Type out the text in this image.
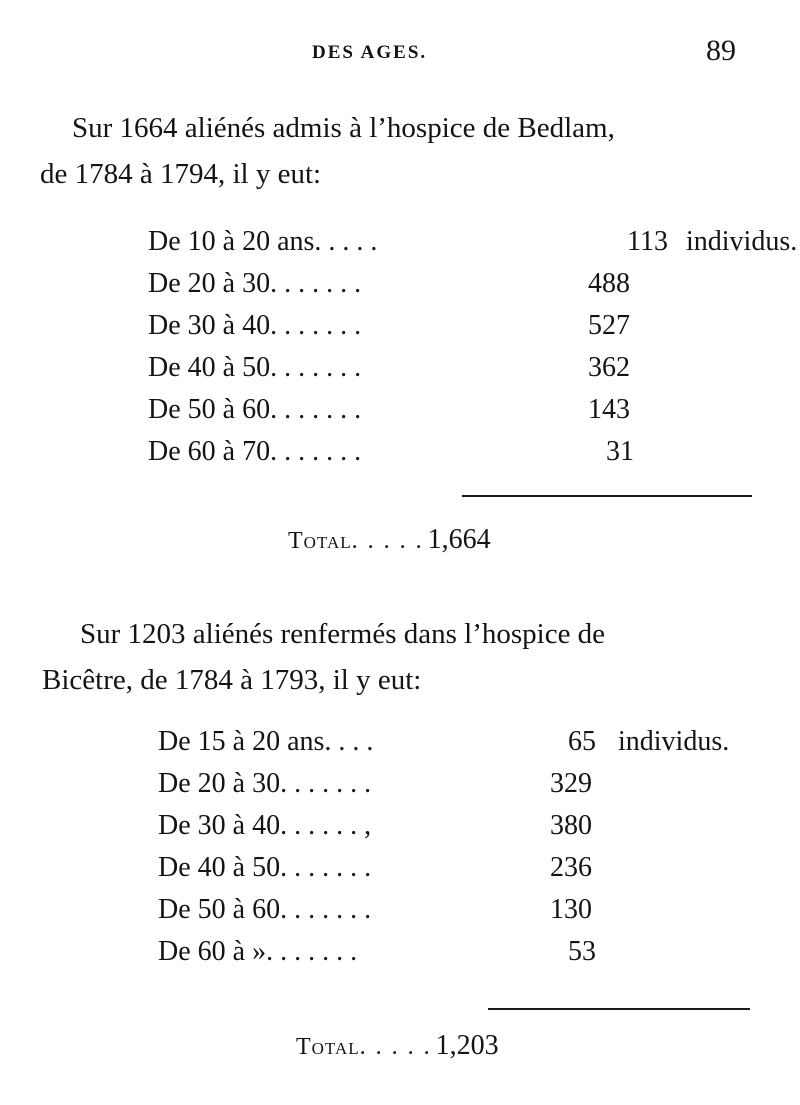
DES AGES.	89
Sur 1664 aliénés admis à l’hospice de Bedlam,
de 1784 à 1794, il y eut:
De 10 à 20 ans. . . . .	113 individus.
De 20 à 30. . . . . . .	488
De 30 à 40. . . . . . .	527
De 40 à 50. . . . . . .	362
De 50 à 60. . . . . . .	143
De 60 à 70. . . . . . .	31
Total. . . . . 1,664
Sur 1203 aliénés renfermés dans l’hospice de
Bicêtre, de 1784 à 1793, il y eut:
De 15 à 20 ans. . . .	65 individus.
De 20 à 30. . . . . . .	329
De 30 à 40. . . . . . ,	380
De 40 à 50. . . . . . .	236
De 50 à 60. . . . . . .	130
De 60 à ». . . . . . .	53
Total. . . . . 1,203
